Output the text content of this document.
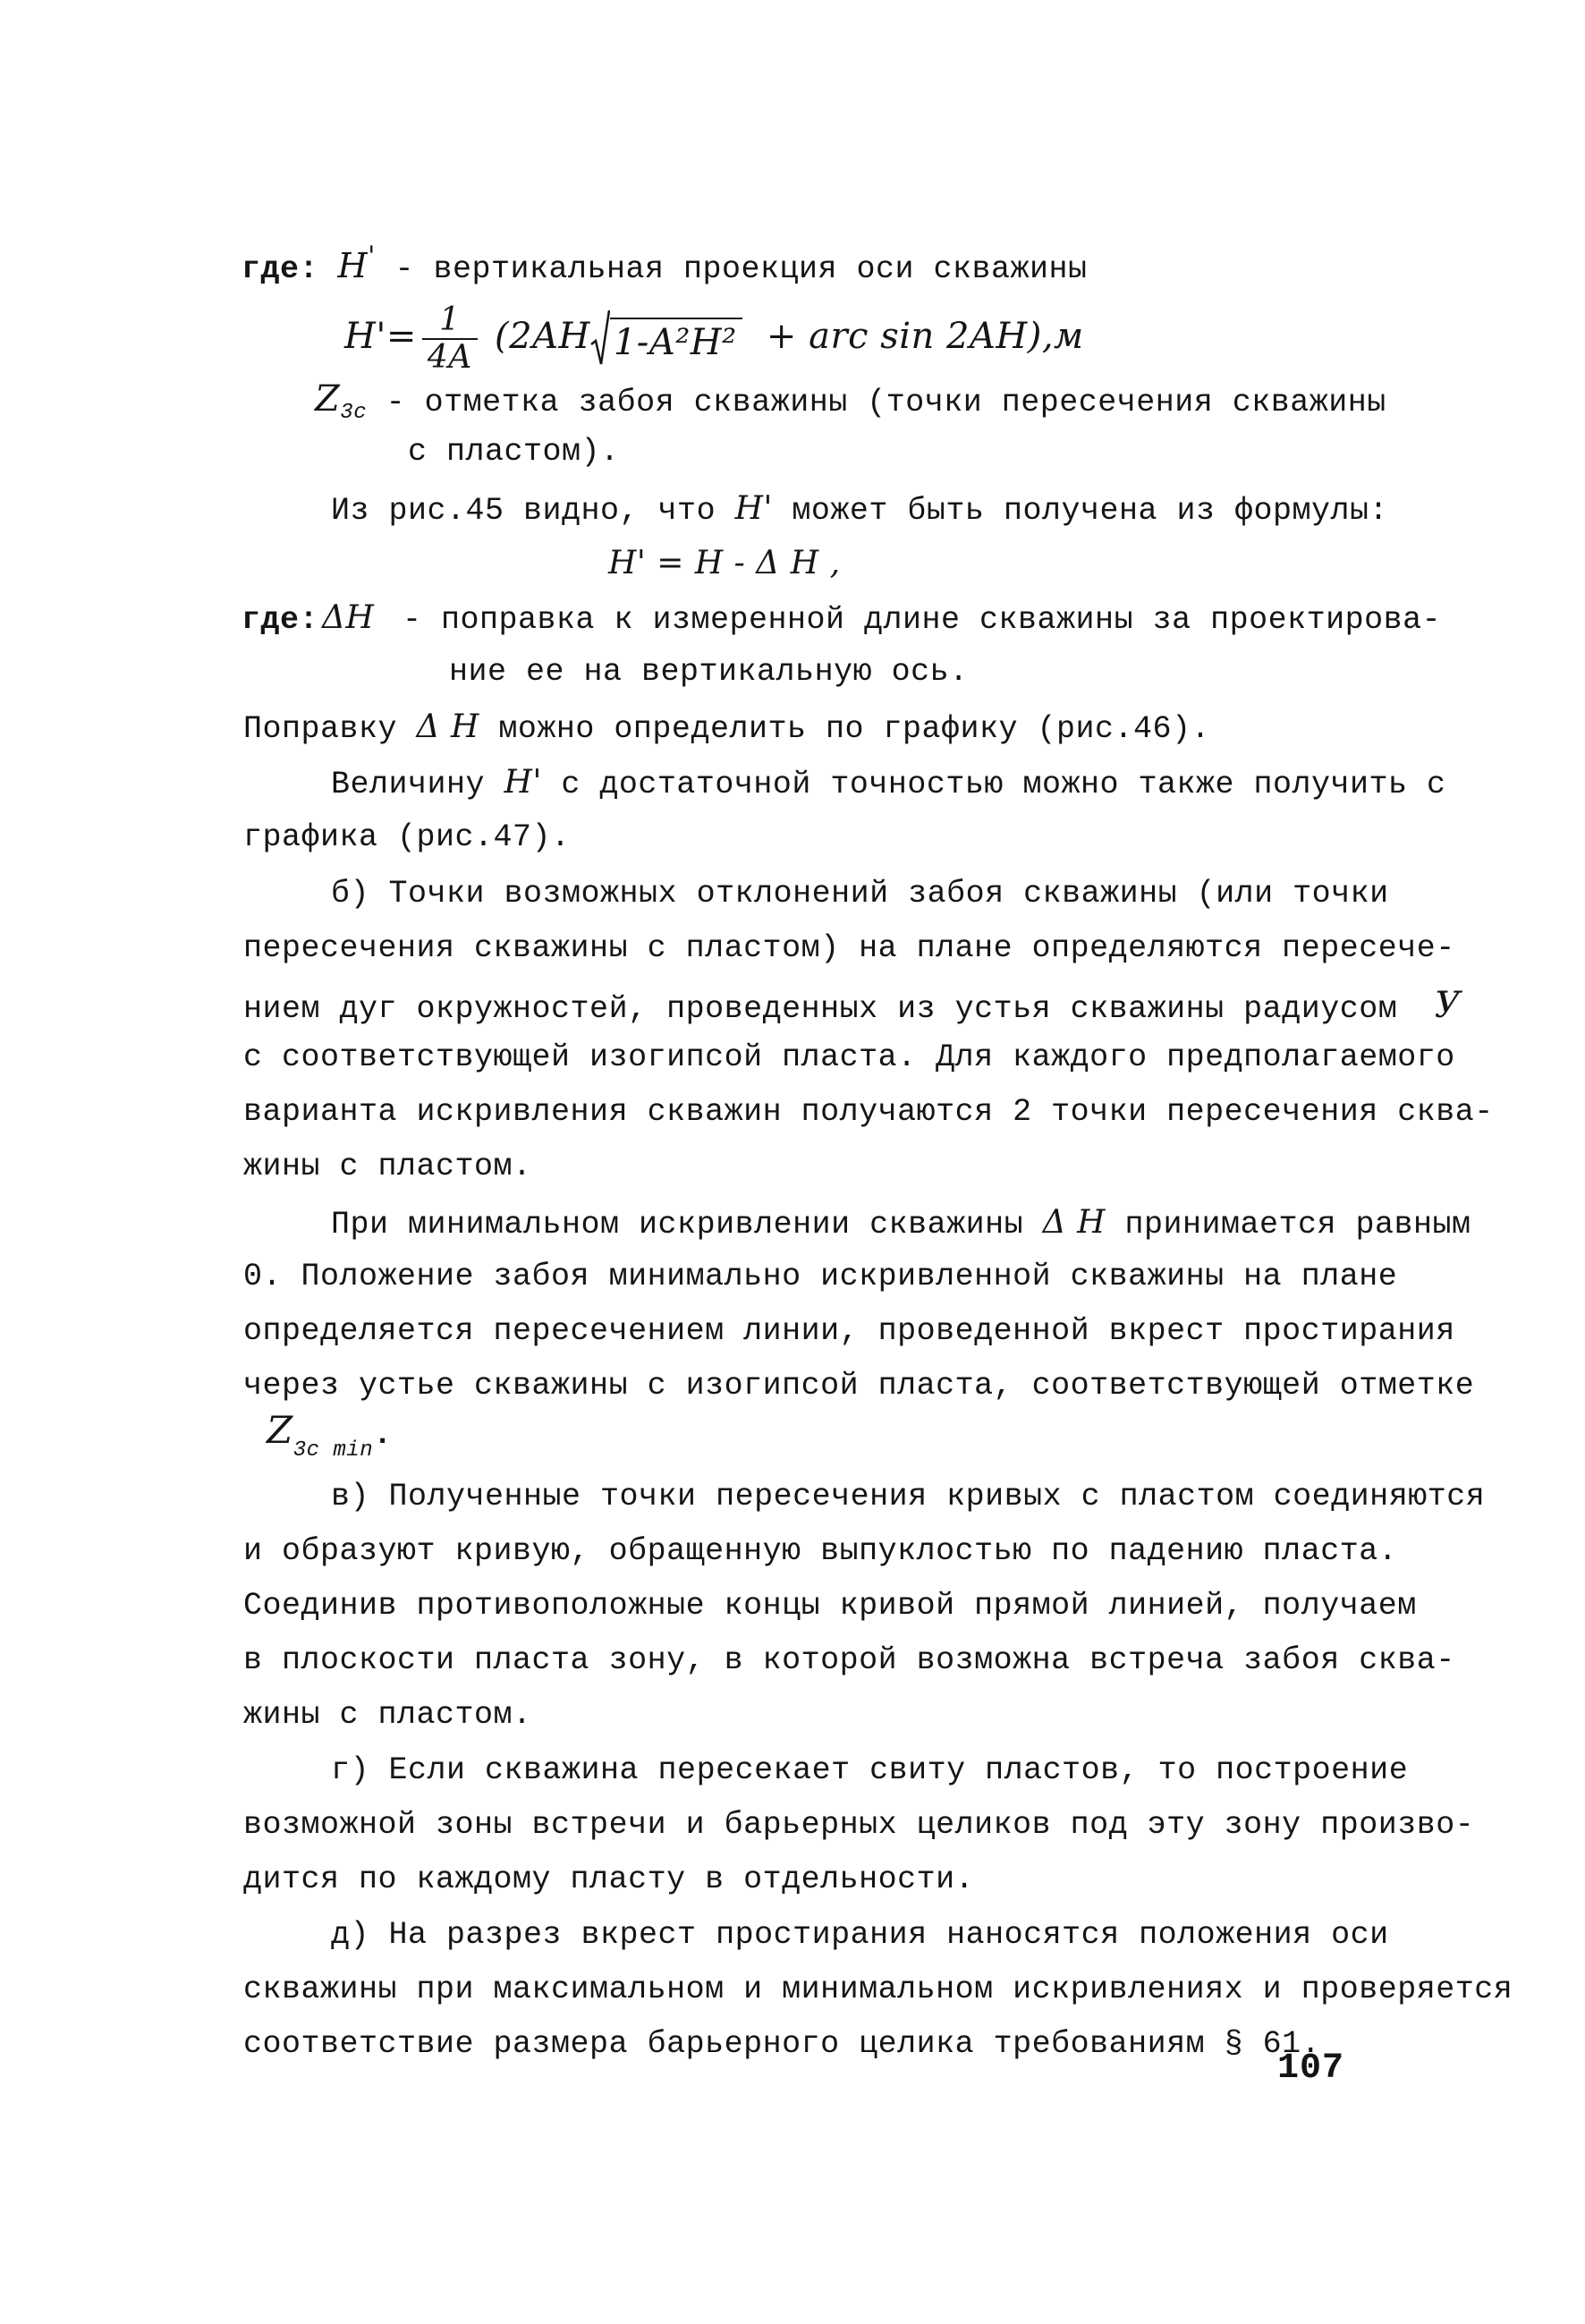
где: H' - вертикальная проекция оси скважины
$H'= \frac{1}{4A} (2AH$ 1-A²H² + arc sin 2AH),м
$Z_{3c}$ - отметка забоя скважины (точки пересечения скважины
с пластом).
Из рис.45 видно, что H' может быть получена из формулы:
H' = H - Δ H ,
где: ΔH - поправка к измеренной длине скважины за проектирова-
ние ее на вертикальную ось.
Поправку Δ H можно определить по графику (рис.46).
Величину H' с достаточной точностью можно также получить с
графика (рис.47).
б) Точки возможных отклонений забоя скважины (или точки
пересечения скважины с пластом) на плане определяются пересече-
нием дуг окружностей, проведенных из устья скважины радиусом У
с соответствующей изогипсой пласта. Для каждого предполагаемого
варианта искривления скважин получаются 2 точки пересечения сква-
жины с пластом.
При минимальном искривлении скважины Δ H принимается равным
0. Положение забоя минимально искривленной скважины на плане
определяется пересечением линии, проведенной вкрест простирания
через устье скважины с изогипсой пласта, соответствующей отметке
$Z_{3c min}$.
в) Полученные точки пересечения кривых с пластом соединяются
и образуют кривую, обращенную выпуклостью по падению пласта.
Соединив противоположные концы кривой прямой линией, получаем
в плоскости пласта зону, в которой возможна встреча забоя сква-
жины с пластом.
г) Если скважина пересекает свиту пластов, то построение
возможной зоны встречи и барьерных целиков под эту зону произво-
дится по каждому пласту в отдельности.
д) На разрез вкрест простирания наносятся положения оси
скважины при максимальном и минимальном искривлениях и проверяется
соответствие размера барьерного целика требованиям § 61.
107
